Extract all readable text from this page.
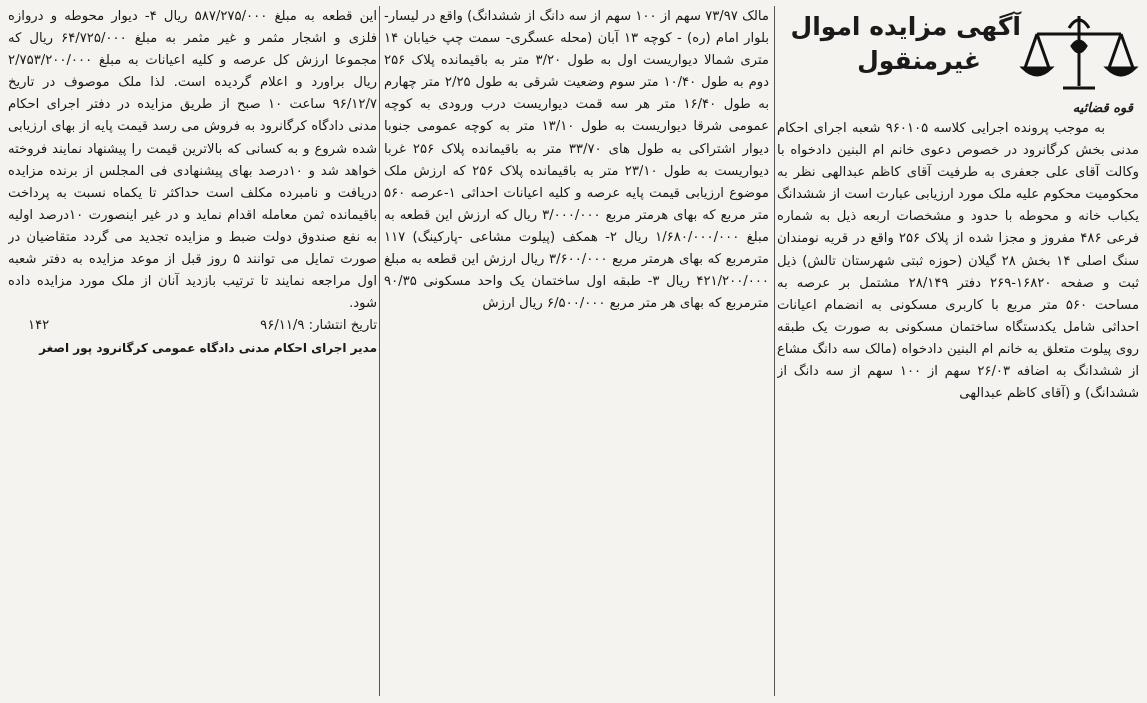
آگهی مزایده اموال
غیرمنقول
قوه قضائیه

به موجب پرونده اجرایی کلاسه ۹۶۰۱۰۵ شعبه اجرای احکام مدنی بخش کرگانرود در خصوص دعوی خانم ام البنین دادخواه با وکالت آقای علی جعفری به طرفیت آقای کاظم عبدالهی نظر به محکومیت محکوم علیه ملک مورد ارزیابی عبارت است از ششدانگ یکباب خانه و محوطه با حدود و مشخصات اربعه ذیل به شماره فرعی ۴۸۶ مفروز و مجزا شده از پلاک ۲۵۶ واقع در قریه نومندان سنگ اصلی ۱۴ بخش ۲۸ گیلان (حوزه ثبتی شهرستان تالش) ذیل ثبت و صفحه ۱۶۸۲۰-۲۶۹ دفتر ۲۸/۱۴۹ مشتمل بر عرصه به مساحت ۵۶۰ متر مربع با کاربری مسکونی به انضمام اعیانات احداثی شامل یکدستگاه ساختمان مسکونی به صورت یک طبقه روی پیلوت متعلق به خانم ام البنین دادخواه (مالک سه دانگ مشاع از ششدانگ به اضافه ۲۶/۰۳ سهم از ۱۰۰ سهم از سه دانگ از ششدانگ) و (آقای کاظم عبدالهی

مالک ۷۳/۹۷ سهم از ۱۰۰ سهم از سه دانگ از ششدانگ) واقع در لیسار- بلوار امام (ره) - کوچه ۱۳ آبان (محله عسگری- سمت چپ خیابان ۱۴ متری شمالا دیواریست اول به طول ۳/۲۰ متر به باقیمانده پلاک ۲۵۶ دوم به طول ۱۰/۴۰ متر سوم وضعیت شرقی به طول ۲/۲۵ متر چهارم به طول ۱۶/۴۰ متر هر سه قمت دیواریست درب ورودی به کوچه عمومی شرقا دیواریست به طول ۱۳/۱۰ متر به کوچه عمومی جنوبا دیوار اشتراکی به طول های ۳۳/۷۰ متر به باقیمانده پلاک ۲۵۶ غربا دیواریست به طول ۲۳/۱۰ متر به باقیمانده پلاک ۲۵۶ که ارزش ملک موضوع ارزیابی قیمت پایه عرصه و کلیه اعیانات احداثی ۱-عرصه ۵۶۰ متر مربع که بهای هرمتر مربع ۳/۰۰۰/۰۰۰ ریال که ارزش این قطعه به مبلغ ۱/۶۸۰/۰۰۰/۰۰۰ ریال ۲- همکف (پیلوت مشاعی -پارکینگ) ۱۱۷ مترمربع که بهای هرمتر مربع ۳/۶۰۰/۰۰۰ ریال ارزش این قطعه به مبلغ ۴۲۱/۲۰۰/۰۰۰ ریال ۳- طبقه اول ساختمان یک واحد مسکونی ۹۰/۳۵ مترمربع که بهای هر متر مربع ۶/۵۰۰/۰۰۰ ریال ارزش

این قطعه به مبلغ ۵۸۷/۲۷۵/۰۰۰ ریال ۴- دیوار محوطه و دروازه فلزی و اشجار مثمر و غیر مثمر به مبلغ ۶۴/۷۲۵/۰۰۰ ریال که مجموعا ارزش کل عرصه و کلیه اعیانات به مبلغ ۲/۷۵۳/۲۰۰/۰۰۰ ریال براورد و اعلام گردیده است. لذا ملک موصوف در تاریخ ۹۶/۱۲/۷ ساعت ۱۰ صبح از طریق مزایده در دفتر اجرای احکام مدنی دادگاه کرگانرود به فروش می رسد قیمت پایه از بهای ارزیابی شده شروع و به کسانی که بالاترین قیمت را پیشنهاد نمایند فروخته خواهد شد و ۱۰درصد بهای پیشنهادی فی المجلس از برنده مزایده دریافت و نامبرده مکلف است حداکثر تا یکماه نسبت به پرداخت باقیمانده ثمن معامله اقدام نماید و در غیر اینصورت ۱۰درصد اولیه به نفع صندوق دولت ضبط و مزایده تجدید می گردد متقاضیان در صورت تمایل می توانند ۵ روز قبل از موعد مزایده به دفتر شعبه اول مراجعه نمایند تا ترتیب بازدید آنان از ملک مورد مزایده داده شود.

تاریخ انتشار: ۹۶/۱۱/۹
۱۴۲
مدیر اجرای احکام مدنی دادگاه عمومی کرگانرود پور اصغر
